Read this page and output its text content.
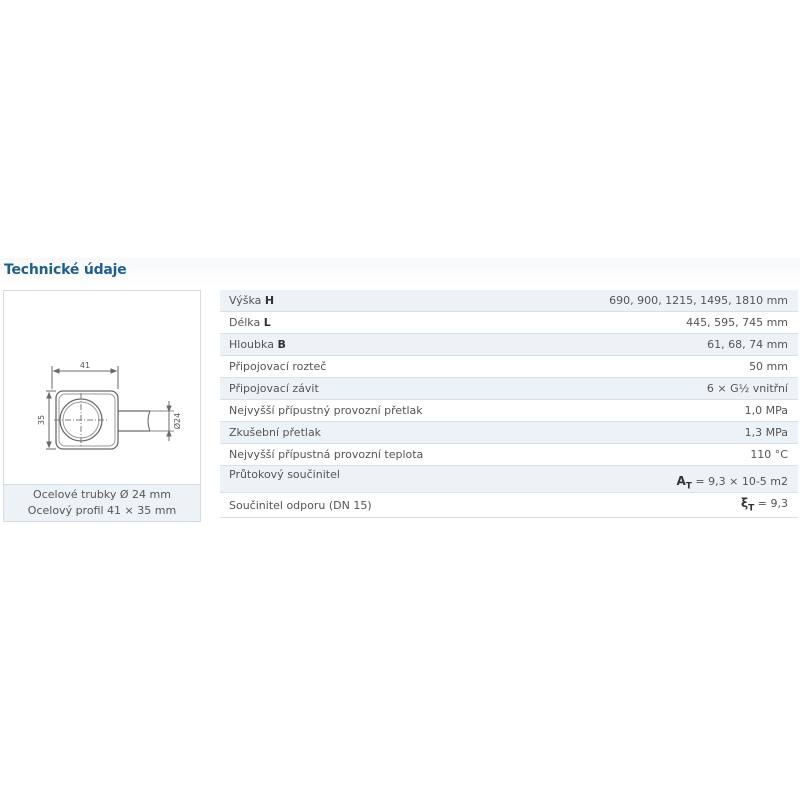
Technické údaje
41
35	Ø24
Ocelové trubky Ø 24 mm
Ocelový profil 41 × 35 mm
Výška H	690, 900, 1215, 1495, 1810 mm
Délka L	445, 595, 745 mm
Hloubka B	61, 68, 74 mm
Připojovací rozteč	50 mm
Připojovací závit	6 × G½ vnitřní
Nejvyšší přípustný provozní přetlak	1,0 MPa
Zkušební přetlak	1,3 MPa
Nejvyšší přípustná provozní teplota	110 °C
Průtokový součinitel	$A_T = 9,3 \times 10-5$ m2
Součinitel odporu (DN 15)	$\xi_T = 9,3$
